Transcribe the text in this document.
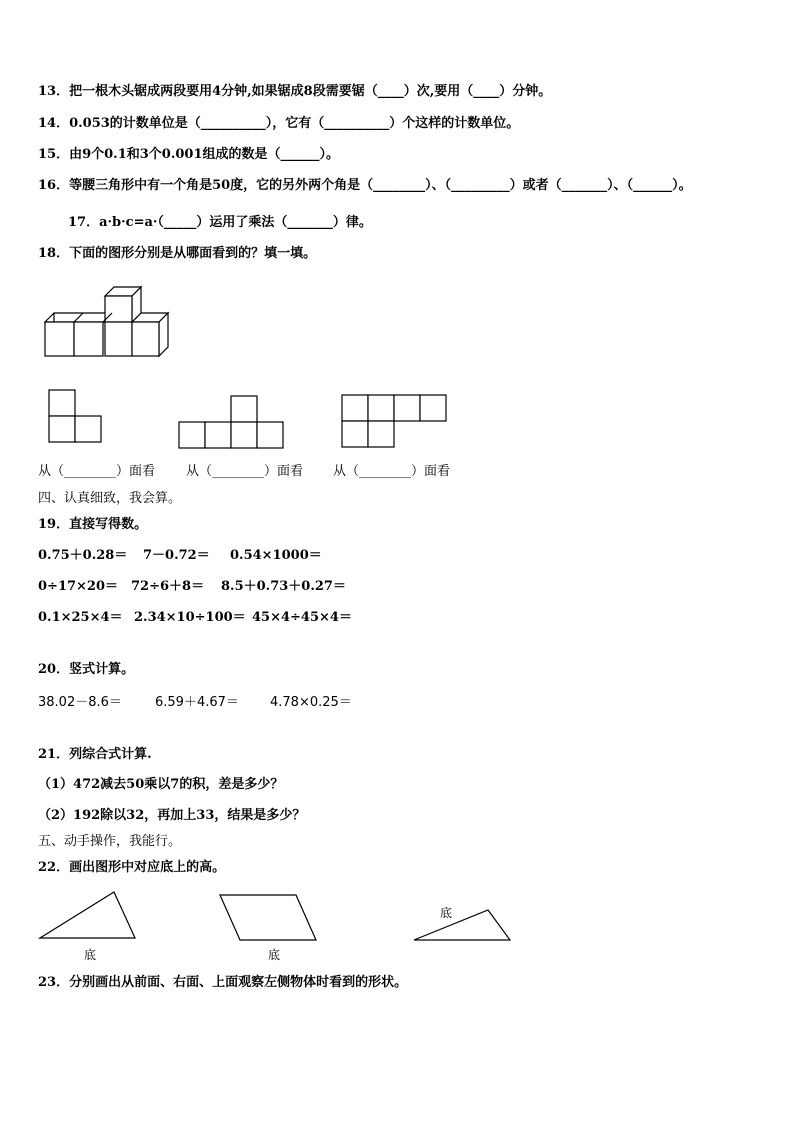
13．把一根木头锯成两段要用4分钟,如果锯成8段需要锯（____）次,要用（____）分钟。
14．0.053的计数单位是（__________），它有（__________）个这样的计数单位。
15．由9个0.1和3个0.001组成的数是（______）。
16．等腰三角形中有一个角是50度，它的另外两个角是（________）、（_________）或者（_______）、（______）。
17．a·b·c=a·（_____）运用了乘法（_______）律。
18．下面的图形分别是从哪面看到的？填一填。
从（________）面看 从（________）面看 从（________）面看
四、认真细致，我会算。
19．直接写得数。
0.75＋0.28＝ 7－0.72＝ 0.54×1000＝
0÷17×20＝ 72÷6＋8＝ 8.5＋0.73＋0.27＝
0.1×25×4＝ 2.34×10÷100＝ 45×4÷45×4＝
20．竖式计算。
38.02－8.6＝	6.59＋4.67＝ 4.78×0.25＝
21．列综合式计算.
（1）472减去50乘以7的积，差是多少？
（2）192除以32，再加上33，结果是多少？
五、动手操作，我能行。
22．画出图形中对应底上的高。
底	底
底
23．分别画出从前面、右面、上面观察左侧物体时看到的形状。
